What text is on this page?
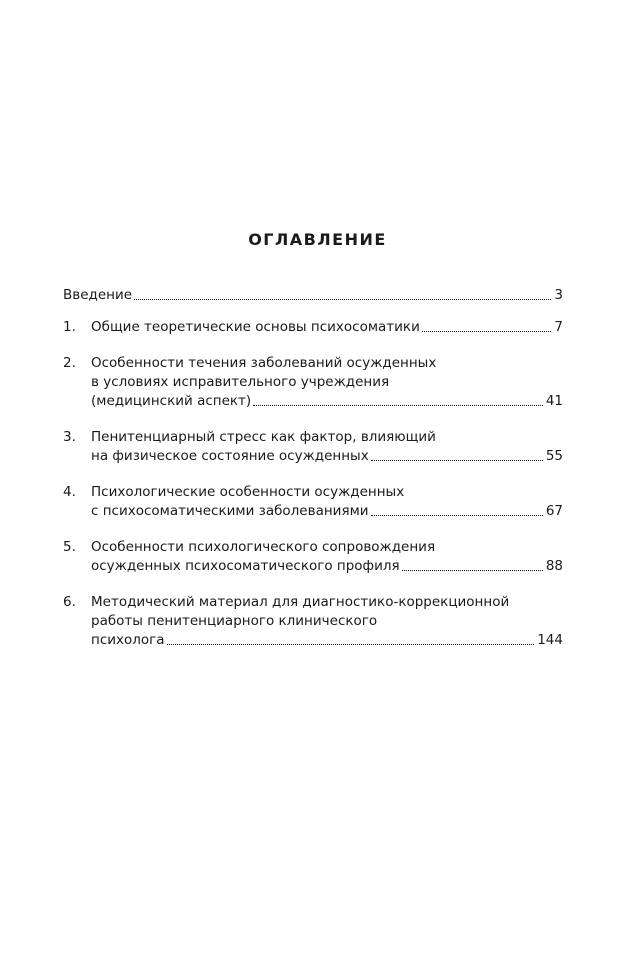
ОГЛАВЛЕНИЕ
Введение	3
1. Общие теоретические основы психосоматики	7
2. Особенности течения заболеваний осужденных
в условиях исправительного учреждения
(медицинский аспект)	41
3. Пенитенциарный стресс как фактор, влияющий
на физическое состояние осужденных	55
4. Психологические особенности осужденных
с психосоматическими заболеваниями	67
5. Особенности психологического сопровождения
осужденных психосоматического профиля	88
6. Методический материал для диагностико-коррекционной
работы пенитенциарного клинического
психолога	144
